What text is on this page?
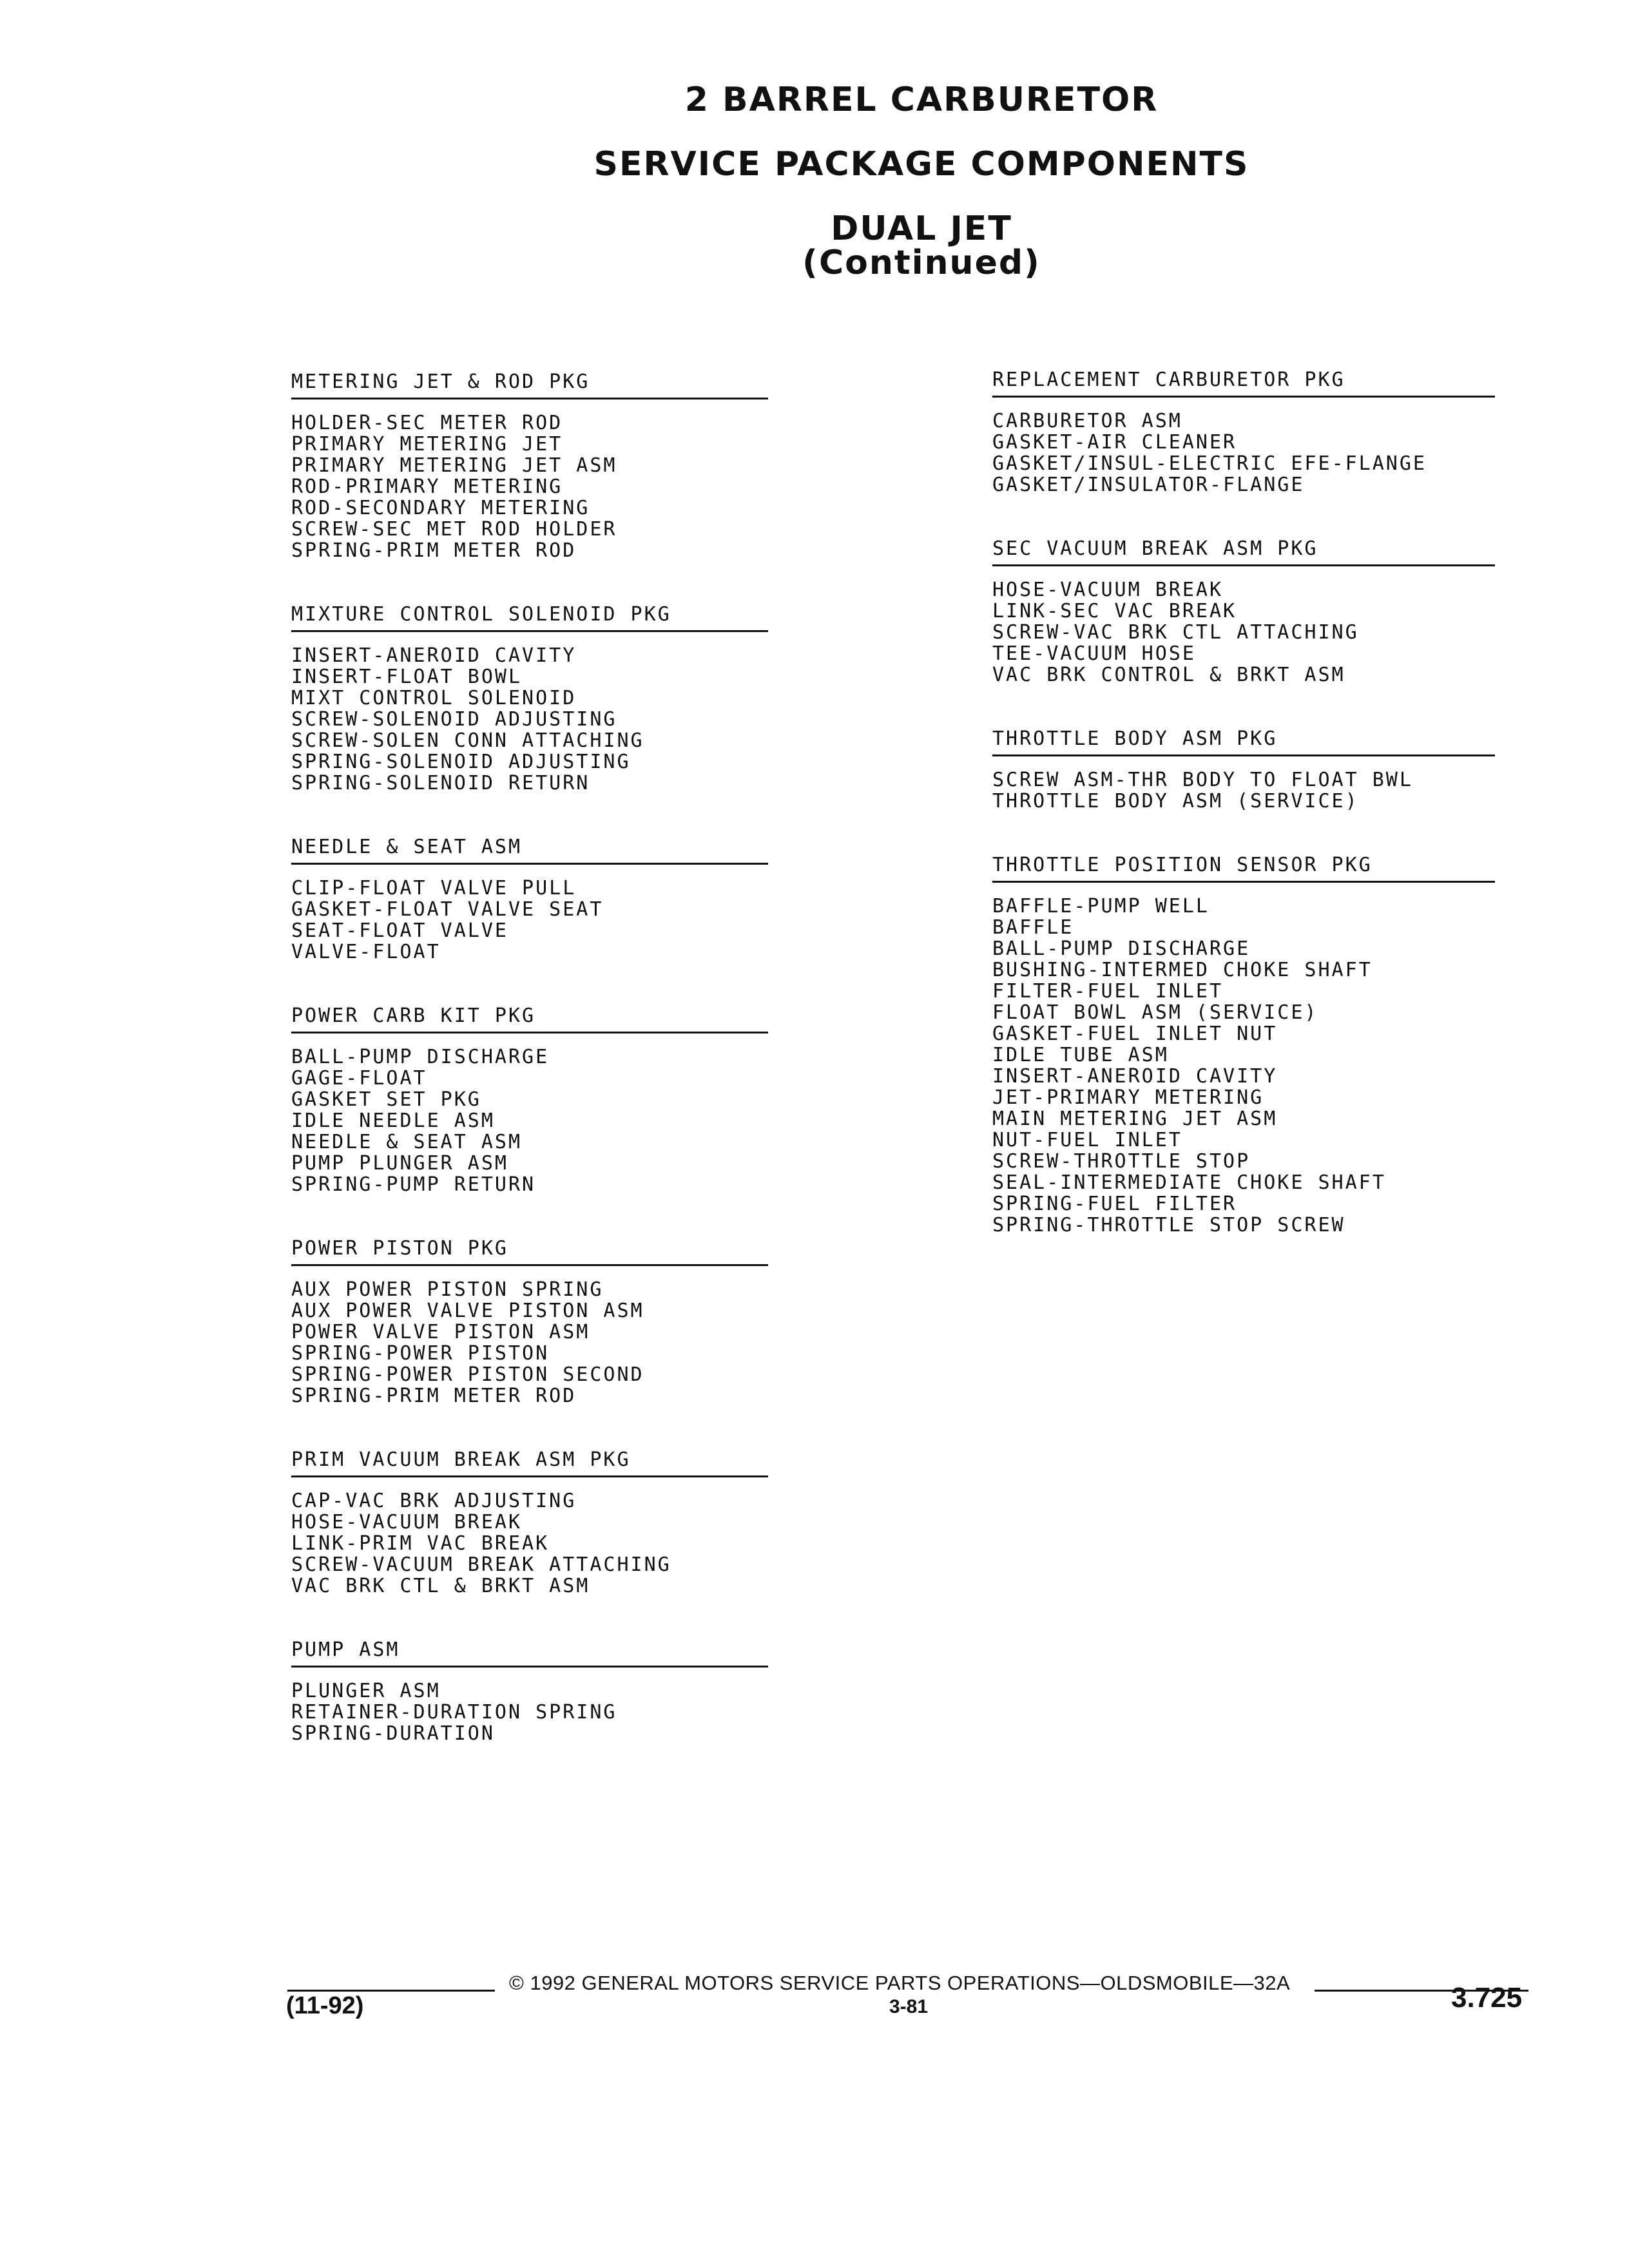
2 BARREL CARBURETOR
SERVICE PACKAGE COMPONENTS
DUAL JET
(Continued)
METERING JET & ROD PKG
HOLDER-SEC METER ROD
PRIMARY METERING JET
PRIMARY METERING JET ASM
ROD-PRIMARY METERING
ROD-SECONDARY METERING
SCREW-SEC MET ROD HOLDER
SPRING-PRIM METER ROD
MIXTURE CONTROL SOLENOID PKG
INSERT-ANEROID CAVITY
INSERT-FLOAT BOWL
MIXT CONTROL SOLENOID
SCREW-SOLENOID ADJUSTING
SCREW-SOLEN CONN ATTACHING
SPRING-SOLENOID ADJUSTING
SPRING-SOLENOID RETURN
NEEDLE & SEAT ASM
CLIP-FLOAT VALVE PULL
GASKET-FLOAT VALVE SEAT
SEAT-FLOAT VALVE
VALVE-FLOAT
POWER CARB KIT PKG
BALL-PUMP DISCHARGE
GAGE-FLOAT
GASKET SET PKG
IDLE NEEDLE ASM
NEEDLE & SEAT ASM
PUMP PLUNGER ASM
SPRING-PUMP RETURN
POWER PISTON PKG
AUX POWER PISTON SPRING
AUX POWER VALVE PISTON ASM
POWER VALVE PISTON ASM
SPRING-POWER PISTON
SPRING-POWER PISTON SECOND
SPRING-PRIM METER ROD
PRIM VACUUM BREAK ASM PKG
CAP-VAC BRK ADJUSTING
HOSE-VACUUM BREAK
LINK-PRIM VAC BREAK
SCREW-VACUUM BREAK ATTACHING
VAC BRK CTL & BRKT ASM
PUMP ASM
PLUNGER ASM
RETAINER-DURATION SPRING
SPRING-DURATION
REPLACEMENT CARBURETOR PKG
CARBURETOR ASM
GASKET-AIR CLEANER
GASKET/INSUL-ELECTRIC EFE-FLANGE
GASKET/INSULATOR-FLANGE
SEC VACUUM BREAK ASM PKG
HOSE-VACUUM BREAK
LINK-SEC VAC BREAK
SCREW-VAC BRK CTL ATTACHING
TEE-VACUUM HOSE
VAC BRK CONTROL & BRKT ASM
THROTTLE BODY ASM PKG
SCREW ASM-THR BODY TO FLOAT BWL
THROTTLE BODY ASM (SERVICE)
THROTTLE POSITION SENSOR PKG
BAFFLE-PUMP WELL
BAFFLE
BALL-PUMP DISCHARGE
BUSHING-INTERMED CHOKE SHAFT
FILTER-FUEL INLET
FLOAT BOWL ASM (SERVICE)
GASKET-FUEL INLET NUT
IDLE TUBE ASM
INSERT-ANEROID CAVITY
JET-PRIMARY METERING
MAIN METERING JET ASM
NUT-FUEL INLET
SCREW-THROTTLE STOP
SEAL-INTERMEDIATE CHOKE SHAFT
SPRING-FUEL FILTER
SPRING-THROTTLE STOP SCREW
© 1992 GENERAL MOTORS SERVICE PARTS OPERATIONS—OLDSMOBILE—32A
(11-92)	3-81	3.725
